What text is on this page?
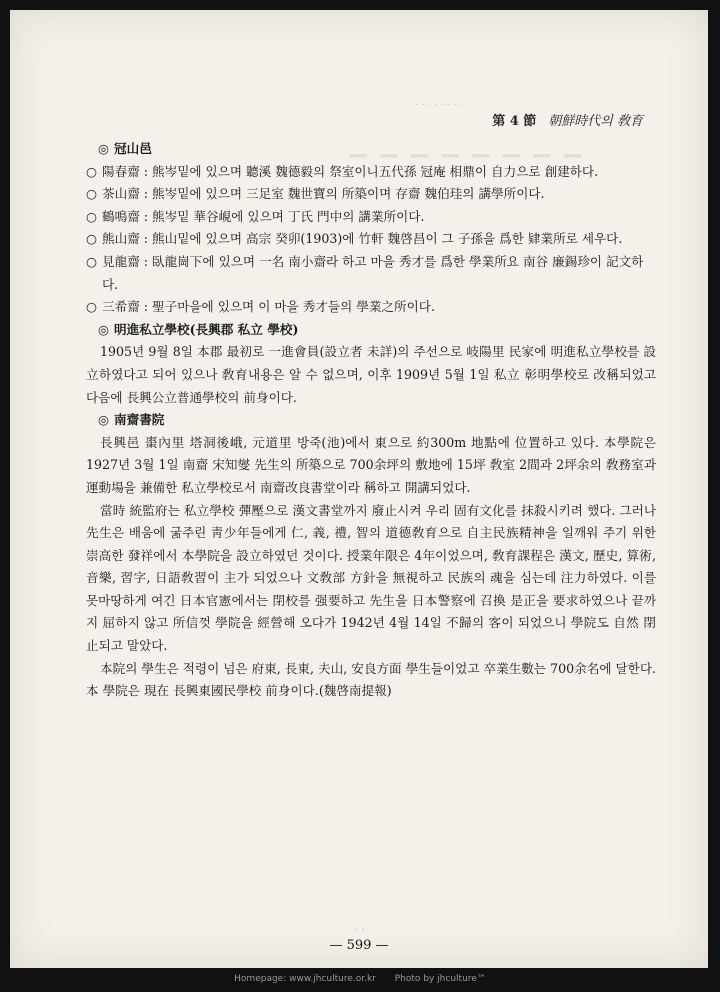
· · · · · · · ·
▁ ▁ ▁ ▁ ▁ ▁ ▁ ▁
第 4 節 朝鮮時代의 敎育
◎ 冠山邑
○ 陽春齋 : 熊岑밑에 있으며 聽溪 魏德毅의 祭室이니五代孫 冠庵 相鼎이 自力으로 創建하다.
○ 茶山齋 : 熊岑밑에 있으며 三足室 魏世寶의 所築이며 存齋 魏伯珪의 講學所이다.
○ 鶴鳴齋 : 熊岑밑 華谷峴에 있으며 丁氏 門中의 講業所이다.
○ 熊山齋 : 熊山밑에 있으며 高宗 癸卯(1903)에 竹軒 魏啓昌이 그 子孫을 爲한 肄業所로 세우다.
○ 見龍齋 : 臥龍崗下에 있으며 一名 南小齋라 하고 마을 秀才를 爲한 學業所요 南谷 廉錫珍이 記文하다.
○ 三希齋 : 聖子마을에 있으며 이 마을 秀才들의 學業之所이다.
◎ 明進私立學校(長興郡 私立 學校)
1905년 9월 8일 本郡 最初로 一進會員(設立者 未詳)의 주선으로 岐陽里 民家에 明進私立學校를 設立하였다고 되어 있으나 敎育내용은 알 수 없으며, 이후 1909년 5월 1일 私立 彰明學校로 改稱되었고 다음에 長興公立普通學校의 前身이다.
◎ 南齋書院
長興邑 棗內里 塔洞後峨, 元道里 방죽(池)에서 東으로 約300m 地點에 位置하고 있다. 本學院은 1927년 3월 1일 南齋 宋知燮 先生의 所築으로 700余坪의 敷地에 15坪 敎室 2間과 2坪余의 敎務室과 運動場을 兼備한 私立學校로서 南齋改良書堂이라 稱하고 開講되었다.
當時 統監府는 私立學校 彈壓으로 漢文書堂까지 廢止시켜 우리 固有文化를 抹殺시키려 했다. 그러나 先生은 배움에 굶주린 靑少年들에게 仁, 義, 禮, 智의 道德敎育으로 自主民族精神을 일깨워 주기 위한 崇高한 發祥에서 本學院을 設立하였던 것이다. 授業年限은 4年이었으며, 敎育課程은 漢文, 歷史, 算術, 音樂, 習字, 日語敎習이 主가 되었으나 文敎部 方針을 無視하고 民族의 魂을 심는데 注力하였다. 이를 못마땅하게 여긴 日本官憲에서는 閉校를 强要하고 先生을 日本警察에 召換 是正을 要求하였으나 끝까지 屈하지 않고 所信껏 學院을 經營해 오다가 1942년 4월 14일 不歸의 客이 되었으니 學院도 自然 閉止되고 말았다.
本院의 學生은 적령이 넘은 府東, 長東, 夫山, 安良方面 學生들이었고 卒業生數는 700余名에 달한다. 本 學院은 現在 長興東國民學校 前身이다.(魏啓南提報)
· ·
— 599 —
Homepage: www.jhculture.or.kr Photo by jhculture™
